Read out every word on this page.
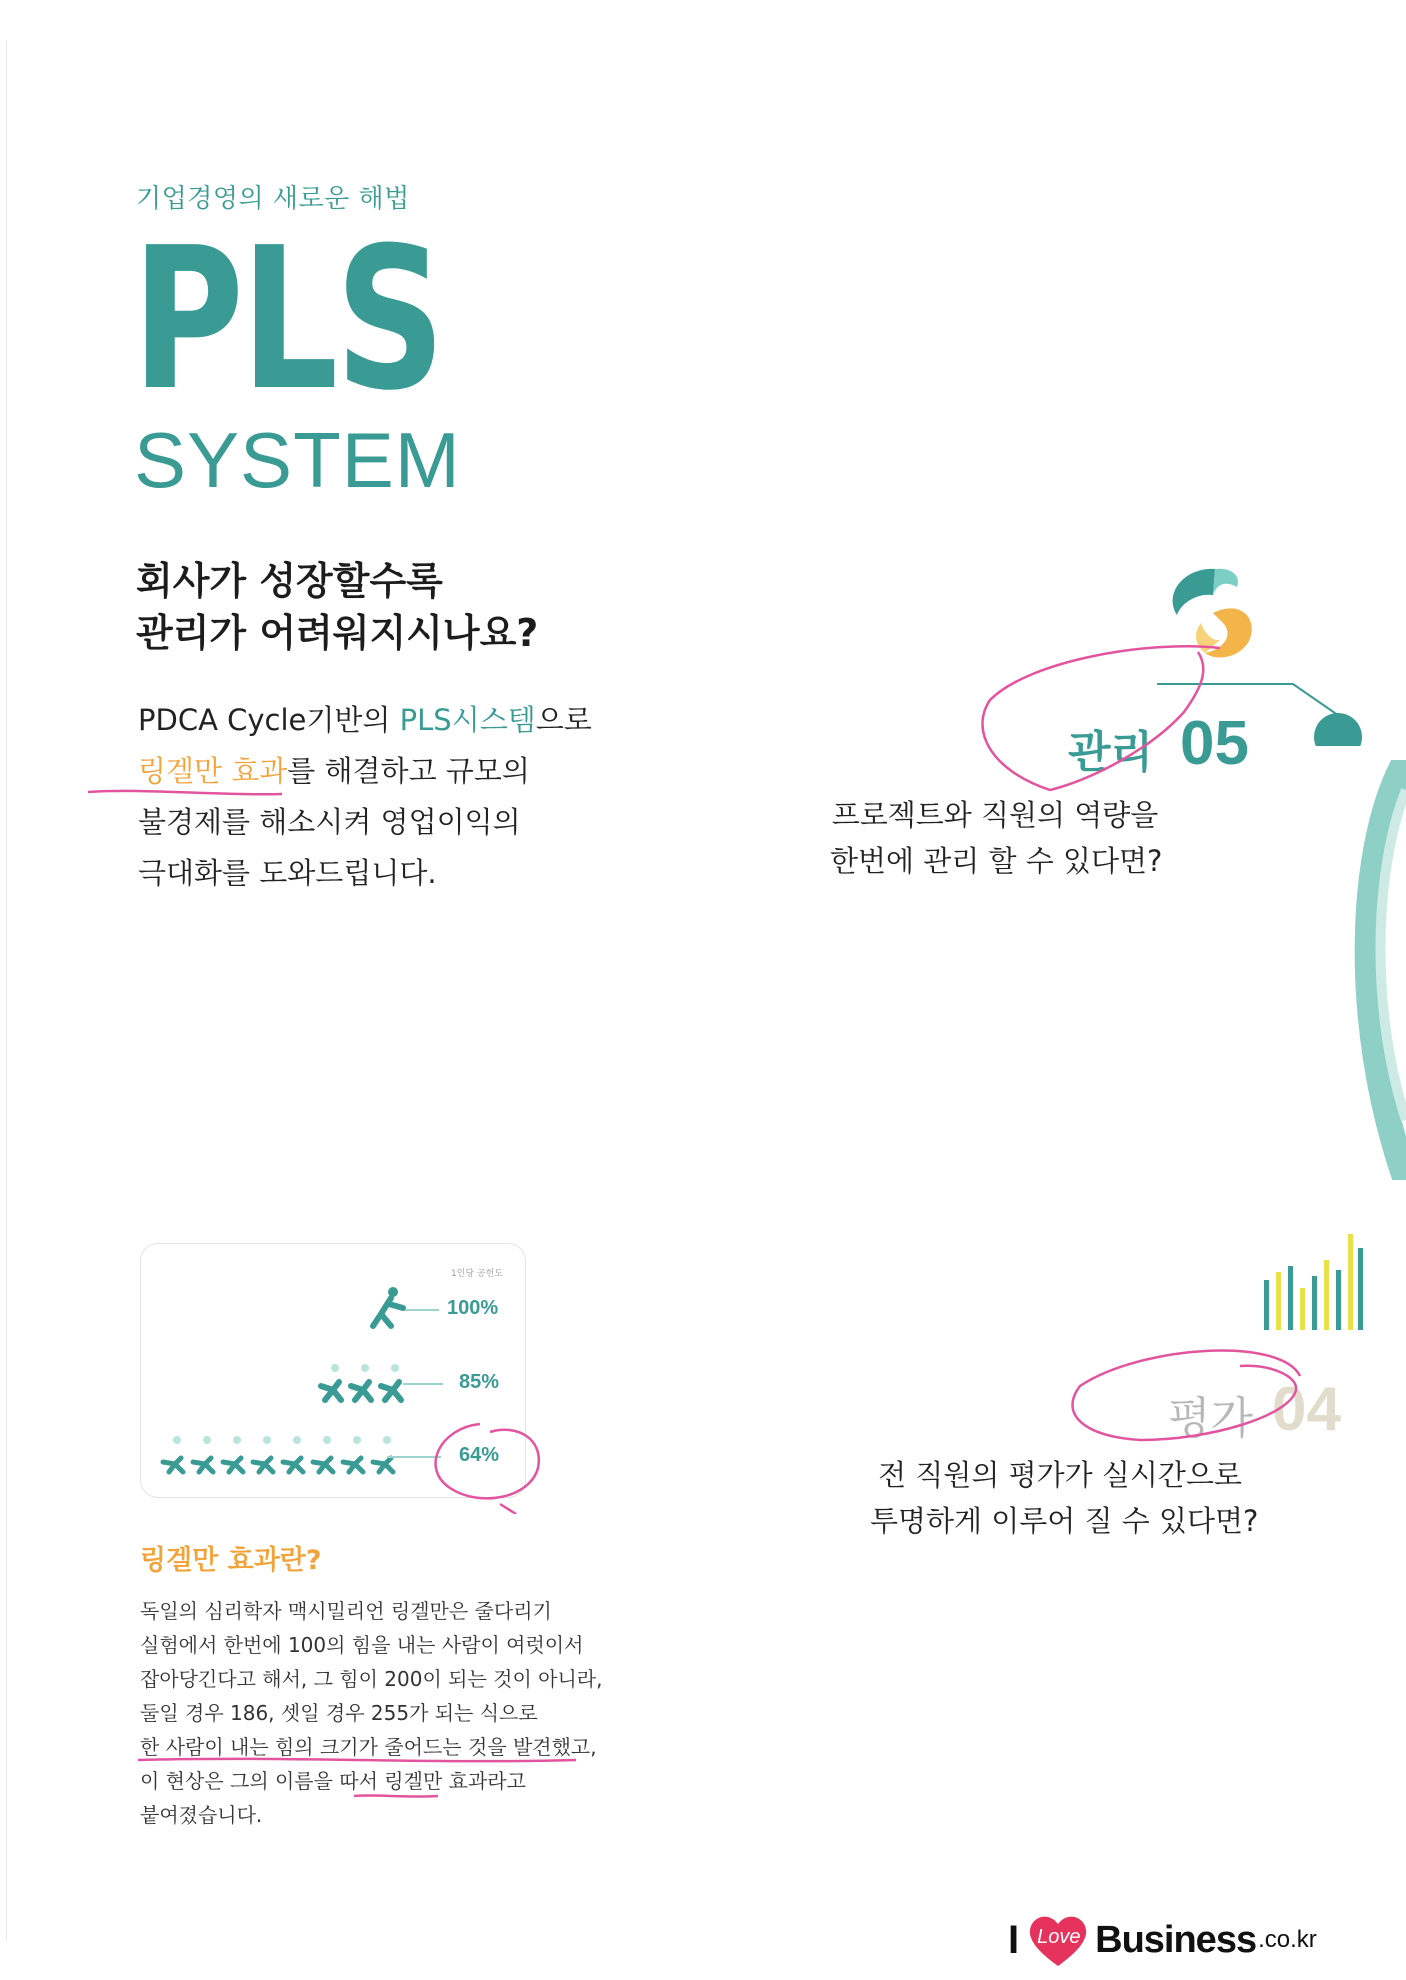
기업경영의 새로운 해법
PLS
SYSTEM
회사가 성장할수록
관리가 어려워지시나요?
PDCA Cycle기반의 PLS시스템으로
링겔만 효과를 해결하고 규모의
불경제를 해소시켜 영업이익의
극대화를 도와드립니다.
관리 05
프로젝트와 직원의 역량을
한번에 관리 할 수 있다면?
평가 04
전 직원의 평가가 실시간으로
투명하게 이루어 질 수 있다면?
1인당 공헌도
100%
85%
64%
링겔만 효과란?
독일의 심리학자 맥시밀리언 링겔만은 줄다리기
실험에서 한번에 100의 힘을 내는 사람이 여럿이서
잡아당긴다고 해서, 그 힘이 200이 되는 것이 아니라,
둘일 경우 186, 셋일 경우 255가 되는 식으로
한 사람이 내는 힘의 크기가 줄어드는 것을 발견했고,
이 현상은 그의 이름을 따서 링겔만 효과라고
붙여졌습니다.
I Love Business .co.kr
